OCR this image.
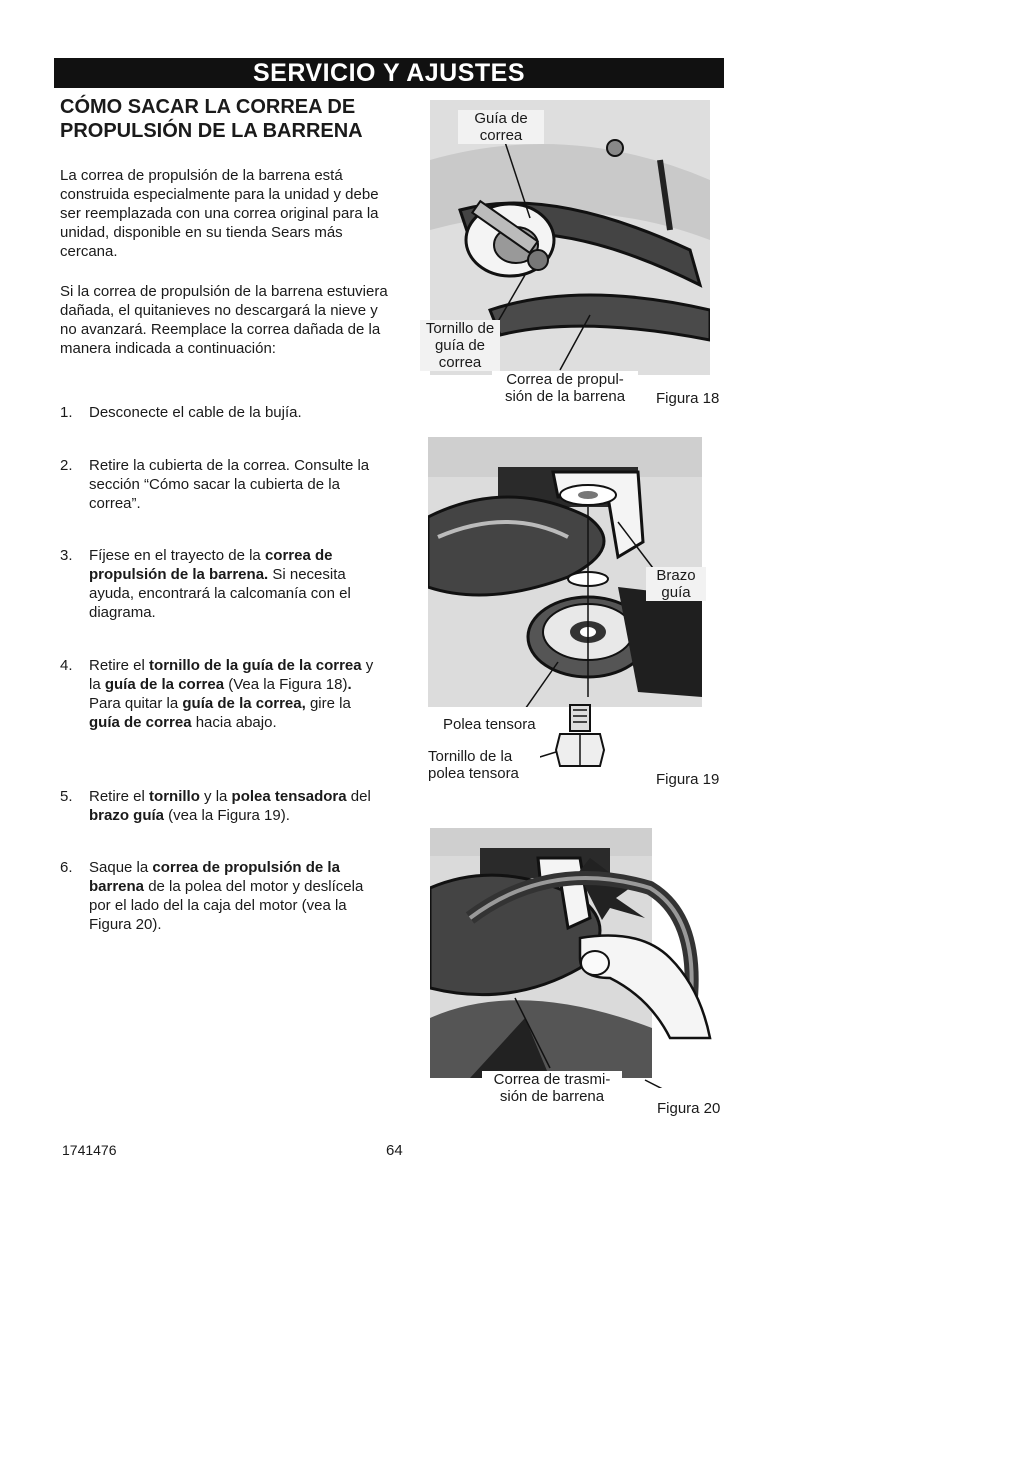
SERVICIO Y AJUSTES
CÓMO SACAR LA CORREA DE
PROPULSIÓN DE LA BARRENA

La correa de propulsión de la barrena está construida especialmente para la unidad y debe ser reemplazada con una correa original para la unidad, disponible en su tienda Sears más cercana.

Si la correa de propulsión de la barrena estuviera dañada, el quitanieves no descargará la nieve y no avanzará. Reemplace la correa dañada de la manera indicada a continuación:

1.	Desconecte el cable de la bujía.
2.	Retire la cubierta de la correa. Consulte la sección “Cómo sacar la cubierta de la correa”.
3.	Fíjese en el trayecto de la correa de propulsión de la barrena. Si necesita ayuda, encontrará la calcomanía con el diagrama.
4.	Retire el tornillo de la guía de la correa y la guía de la correa (Vea la Figura 18). Para quitar la guía de la correa, gire la guía de correa hacia abajo.
5.	Retire el tornillo y la polea tensadora del brazo guía (vea la Figura 19).
6.	Saque la correa de propulsión de la barrena de la polea del motor y deslícela por el lado del la caja del motor (vea la Figura 20).
Guía de
correa
Tornillo de
guía de
correa
Correa de propul-
sión de la barrena	Figura 18
Brazo
guía
Polea tensora
Tornillo de la
polea tensora	Figura 19
Correa de trasmi-
sión de barrena
Figura 20
1741476	64
